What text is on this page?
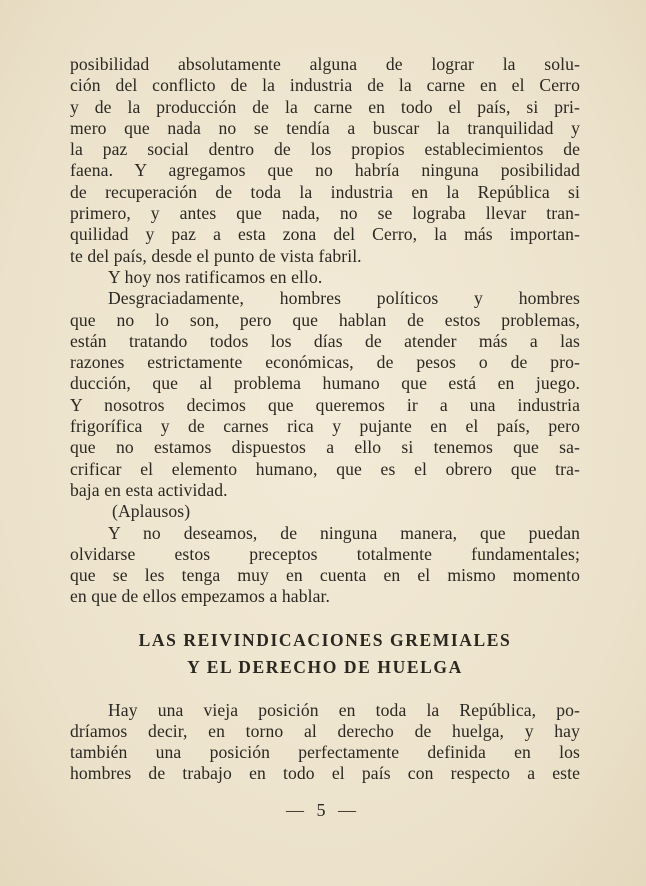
posibilidad absolutamente alguna de lograr la solu-
ción del conflicto de la industria de la carne en el Cerro
y de la producción de la carne en todo el país, si pri-
mero que nada no se tendía a buscar la tranquilidad y
la paz social dentro de los propios establecimientos de
faena. Y agregamos que no habría ninguna posibilidad
de recuperación de toda la industria en la República si
primero, y antes que nada, no se lograba llevar tran-
quilidad y paz a esta zona del Cerro, la más importan-
te del país, desde el punto de vista fabril.
Y hoy nos ratificamos en ello.
Desgraciadamente, hombres políticos y hombres
que no lo son, pero que hablan de estos problemas,
están tratando todos los días de atender más a las
razones estrictamente económicas, de pesos o de pro-
ducción, que al problema humano que está en juego.
Y nosotros decimos que queremos ir a una industria
frigorífica y de carnes rica y pujante en el país, pero
que no estamos dispuestos a ello si tenemos que sa-
crificar el elemento humano, que es el obrero que tra-
baja en esta actividad.
(Aplausos)
Y no deseamos, de ninguna manera, que puedan
olvidarse estos preceptos totalmente fundamentales;
que se les tenga muy en cuenta en el mismo momento
en que de ellos empezamos a hablar.
LAS REIVINDICACIONES GREMIALES
Y EL DERECHO DE HUELGA
Hay una vieja posición en toda la República, po-
dríamos decir, en torno al derecho de huelga, y hay
también una posición perfectamente definida en los
hombres de trabajo en todo el país con respecto a este
— 5 —
